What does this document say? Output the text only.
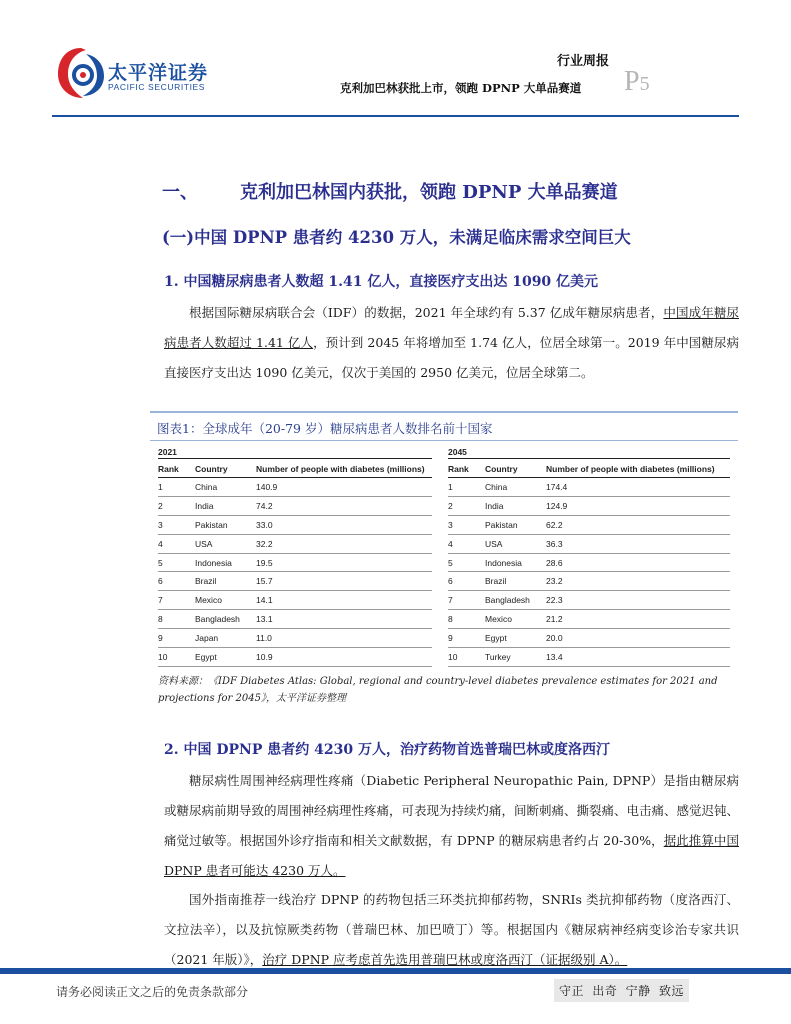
太平洋证券
PACIFIC SECURITIES
行业周报
克利加巴林获批上市，领跑 DPNP 大单品赛道 P5
一、 克利加巴林国内获批，领跑 DPNP 大单品赛道
(一)中国 DPNP 患者约 4230 万人，未满足临床需求空间巨大
1. 中国糖尿病患者人数超 1.41 亿人，直接医疗支出达 1090 亿美元

根据国际糖尿病联合会（IDF）的数据，2021 年全球约有 5.37 亿成年糖尿病患者，中国成年糖尿病患者人数超过 1.41 亿人，预计到 2045 年将增加至 1.74 亿人，位居全球第一。2019 年中国糖尿病直接医疗支出达 1090 亿美元，仅次于美国的 2950 亿美元，位居全球第二。

图表1：全球成年（20-79 岁）糖尿病患者人数排名前十国家
2021
Rank	Country	Number of people with diabetes (millions)
1	China	140.9
2	India	74.2
3	Pakistan	33.0
4	USA	32.2
5	Indonesia	19.5
6	Brazil	15.7
7	Mexico	14.1
8	Bangladesh	13.1
9	Japan	11.0
10	Egypt	10.9
2045
Rank	Country	Number of people with diabetes (millions)
1	China	174.4
2	India	124.9
3	Pakistan	62.2
4	USA	36.3
5	Indonesia	28.6
6	Brazil	23.2
7	Bangladesh	22.3
8	Mexico	21.2
9	Egypt	20.0
10	Turkey	13.4
资料来源：《IDF Diabetes Atlas: Global, regional and country-level diabetes prevalence estimates for 2021 and projections for 2045》，太平洋证券整理
2. 中国 DPNP 患者约 4230 万人，治疗药物首选普瑞巴林或度洛西汀

糖尿病性周围神经病理性疼痛（Diabetic Peripheral Neuropathic Pain, DPNP）是指由糖尿病或糖尿病前期导致的周围神经病理性疼痛，可表现为持续灼痛，间断刺痛、撕裂痛、电击痛、感觉迟钝、痛觉过敏等。根据国外诊疗指南和相关文献数据，有 DPNP 的糖尿病患者约占 20-30%，据此推算中国 DPNP 患者可能达 4230 万人。

国外指南推荐一线治疗 DPNP 的药物包括三环类抗抑郁药物，SNRIs 类抗抑郁药物（度洛西汀、文拉法辛），以及抗惊厥类药物（普瑞巴林、加巴喷丁）等。根据国内《糖尿病神经病变诊治专家共识（2021 年版）》，治疗 DPNP 应考虑首先选用普瑞巴林或度洛西汀（证据级别 A）。

请务必阅读正文之后的免责条款部分	守正 出奇 宁静 致远
